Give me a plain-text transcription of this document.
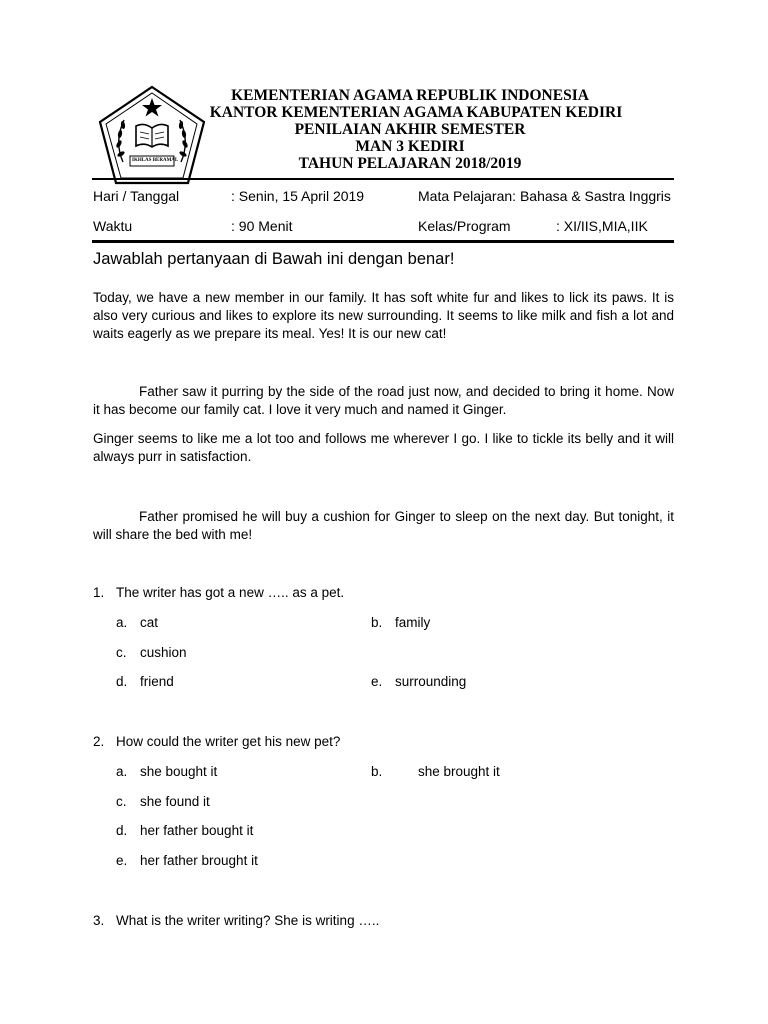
IKHLAS BERAMAL
KEMENTERIAN AGAMA REPUBLIK INDONESIA
KANTOR KEMENTERIAN AGAMA KABUPATEN KEDIRI
PENILAIAN AKHIR SEMESTER
MAN 3 KEDIRI
TAHUN PELAJARAN 2018/2019
Hari / Tanggal	: Senin, 15 April 2019	Mata Pelajaran: Bahasa & Sastra Inggris
Waktu	: 90 Menit	Kelas/Program	: XI/IIS,MIA,IIK
Jawablah pertanyaan di Bawah ini dengan benar!
Today, we have a new member in our family. It has soft white fur and likes to lick its paws. It is also very curious and likes to explore its new surrounding. It seems to like milk and fish a lot and waits eagerly as we prepare its meal. Yes! It is our new cat!
Father saw it purring by the side of the road just now, and decided to bring it home. Now it has become our family cat. I love it very much and named it Ginger.
Ginger seems to like me a lot too and follows me wherever I go. I like to tickle its belly and it will always purr in satisfaction.
Father promised he will buy a cushion for Ginger to sleep on the next day. But tonight, it will share the bed with me!
1. The writer has got a new ….. as a pet.
a. cat	b. family
c. cushion
d. friend	e. surrounding
2. How could the writer get his new pet?
a. she bought it	b.	she brought it
c. she found it
d. her father bought it
e. her father brought it
3. What is the writer writing? She is writing …..
